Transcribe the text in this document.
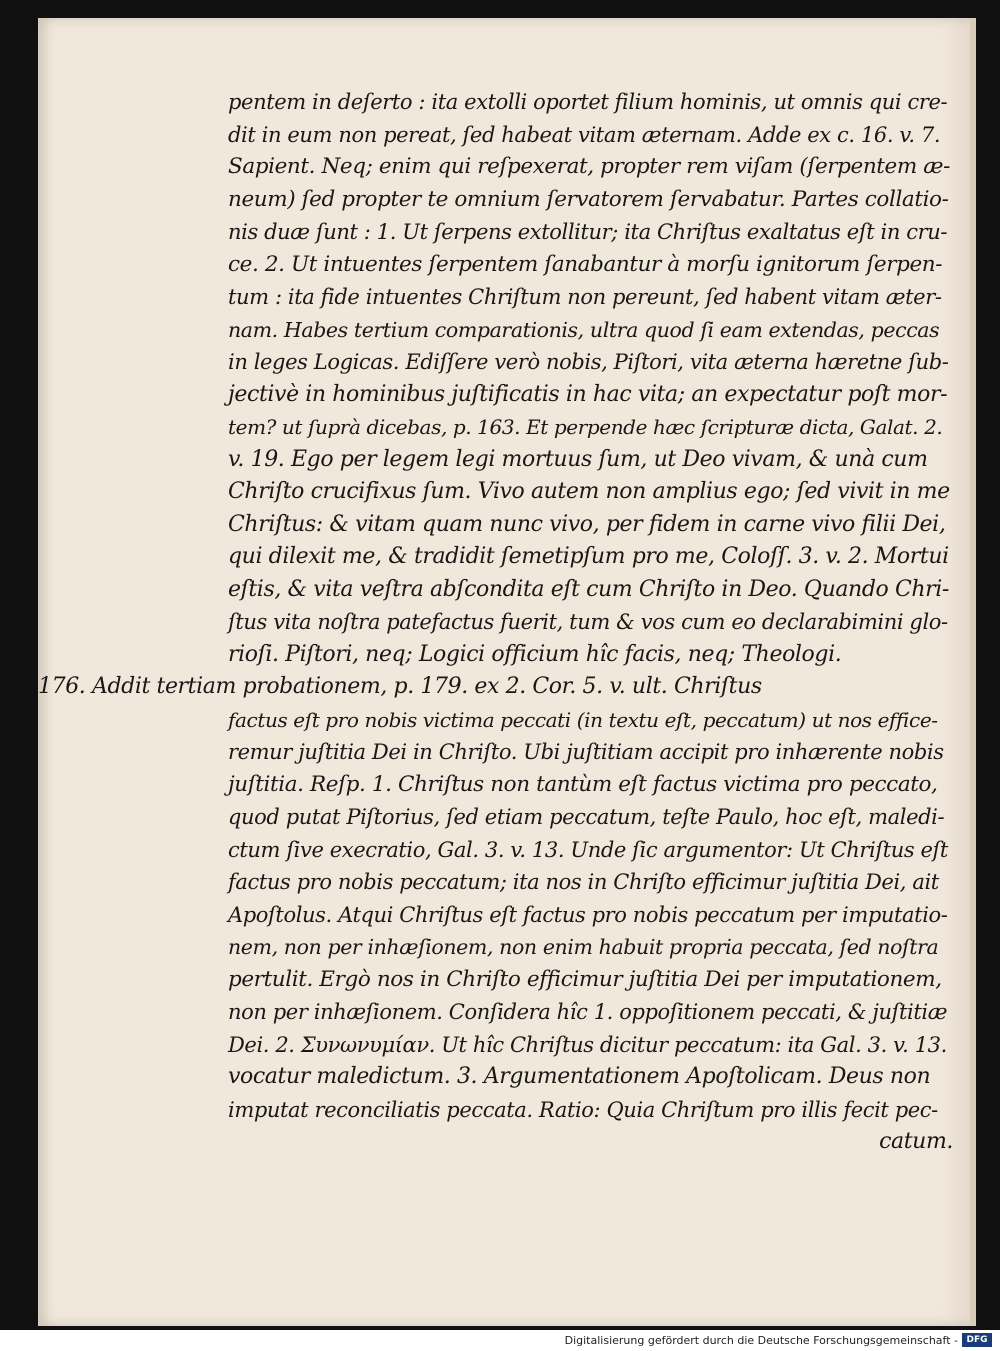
pentem in deſerto : ita extolli oportet filium hominis, ut omnis qui cre-
dit in eum non pereat, ſed habeat vitam æternam. Adde ex c. 16. v. 7.
Sapient. Neq; enim qui reſpexerat, propter rem viſam (ſerpentem æ-
neum) ſed propter te omnium ſervatorem ſervabatur. Partes collatio-
nis duæ ſunt : 1. Ut ſerpens extollitur; ita Chriſtus exaltatus eſt in cru-
ce. 2. Ut intuentes ſerpentem ſanabantur à morſu ignitorum ſerpen-
tum : ita fide intuentes Chriſtum non pereunt, ſed habent vitam æter-
nam. Habes tertium comparationis, ultra quod ſi eam extendas, peccas
in leges Logicas. Ediſſere verò nobis, Piſtori, vita æterna hæretne ſub-
jectivè in hominibus juſtificatis in hac vita; an expectatur poſt mor-
tem? ut ſuprà dicebas, p. 163. Et perpende hæc ſcripturæ dicta, Galat. 2.
v. 19. Ego per legem legi mortuus ſum, ut Deo vivam, & unà cum
Chriſto crucifixus ſum. Vivo autem non amplius ego; ſed vivit in me
Chriſtus: & vitam quam nunc vivo, per fidem in carne vivo filii Dei,
qui dilexit me, & tradidit ſemetipſum pro me, Coloſſ. 3. v. 2. Mortui
eſtis, & vita veſtra abſcondita eſt cum Chriſto in Deo. Quando Chri-
ſtus vita noſtra patefactus fuerit, tum & vos cum eo declarabimini glo-
rioſi. Piſtori, neq; Logici officium hîc facis, neq; Theologi.
176. Addit tertiam probationem, p. 179. ex 2. Cor. 5. v. ult. Chriſtus
factus eſt pro nobis victima peccati (in textu eſt, peccatum) ut nos effice-
remur juſtitia Dei in Chriſto. Ubi juſtitiam accipit pro inhærente nobis
juſtitia. Reſp. 1. Chriſtus non tantùm eſt factus victima pro peccato,
quod putat Piſtorius, ſed etiam peccatum, teſte Paulo, hoc eſt, maledi-
ctum ſive execratio, Gal. 3. v. 13. Unde ſic argumentor: Ut Chriſtus eſt
factus pro nobis peccatum; ita nos in Chriſto efficimur juſtitia Dei, ait
Apoſtolus. Atqui Chriſtus eſt factus pro nobis peccatum per imputatio-
nem, non per inhæſionem, non enim habuit propria peccata, ſed noſtra
pertulit. Ergò nos in Chriſto efficimur juſtitia Dei per imputationem,
non per inhæſionem. Conſidera hîc 1. oppoſitionem peccati, & juſtitiæ
Dei. 2. Συνωνυμίαν. Ut hîc Chriſtus dicitur peccatum: ita Gal. 3. v. 13.
vocatur maledictum. 3. Argumentationem Apoſtolicam. Deus non
imputat reconciliatis peccata. Ratio: Quia Chriſtum pro illis fecit pec-
catum.
Digitalisierung gefördert durch die Deutsche Forschungsgemeinschaft - DFG
